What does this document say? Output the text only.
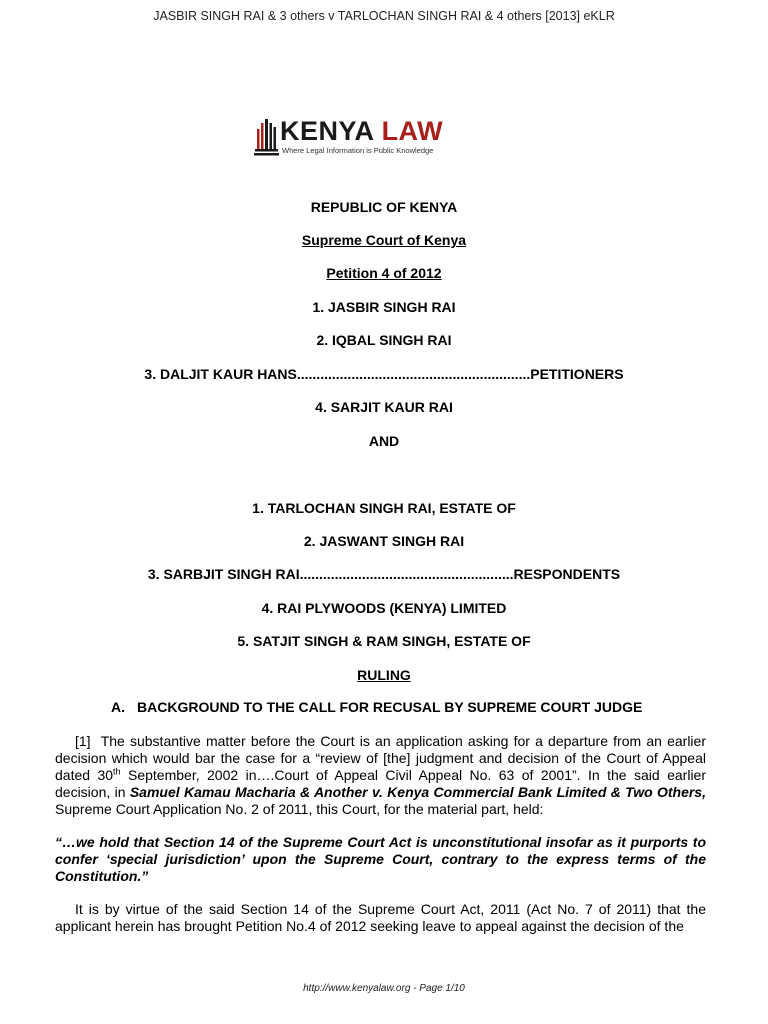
JASBIR SINGH RAI & 3 others v TARLOCHAN SINGH RAI & 4 others [2013] eKLR
KENYA LAW
Where Legal Information is Public Knowledge
REPUBLIC OF KENYA
Supreme Court of Kenya
Petition 4 of 2012
1. JASBIR SINGH RAI
2. IQBAL SINGH RAI
3. DALJIT KAUR HANS............................................................PETITIONERS
4. SARJIT KAUR RAI
AND
1. TARLOCHAN SINGH RAI, ESTATE OF
2. JASWANT SINGH RAI
3. SARBJIT SINGH RAI.......................................................RESPONDENTS
4. RAI PLYWOODS (KENYA) LIMITED
5. SATJIT SINGH & RAM SINGH, ESTATE OF
RULING
A. BACKGROUND TO THE CALL FOR RECUSAL BY SUPREME COURT JUDGE
[1] The substantive matter before the Court is an application asking for a departure from an earlier decision which would bar the case for a “review of [the] judgment and decision of the Court of Appeal dated 30th September, 2002 in….Court of Appeal Civil Appeal No. 63 of 2001”. In the said earlier decision, in Samuel Kamau Macharia & Another v. Kenya Commercial Bank Limited & Two Others, Supreme Court Application No. 2 of 2011, this Court, for the material part, held:
“…we hold that Section 14 of the Supreme Court Act is unconstitutional insofar as it purports to confer ‘special jurisdiction’ upon the Supreme Court, contrary to the express terms of the Constitution.”
It is by virtue of the said Section 14 of the Supreme Court Act, 2011 (Act No. 7 of 2011) that the applicant herein has brought Petition No.4 of 2012 seeking leave to appeal against the decision of the
http://www.kenyalaw.org - Page 1/10
